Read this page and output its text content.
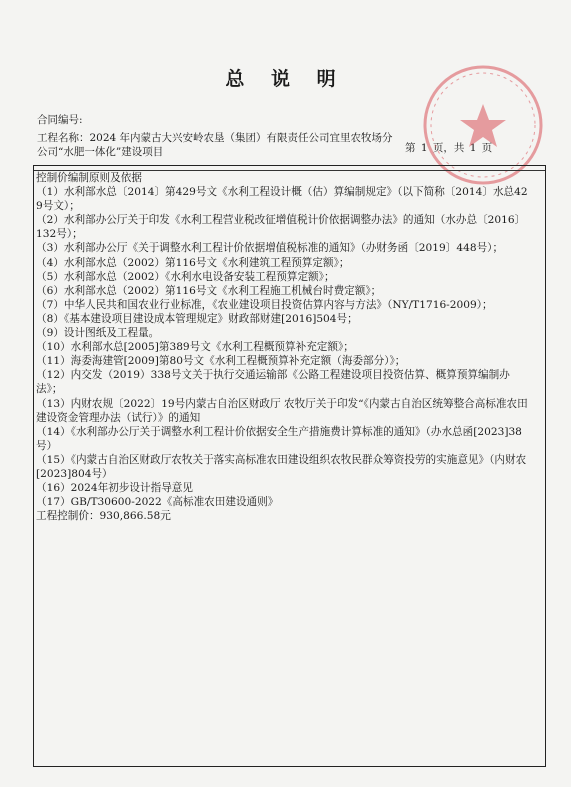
总 说 明
合同编号:
工程名称：2024 年内蒙古大兴安岭农垦（集团）有限责任公司宜里农牧场分公司“水肥一体化”建设项目	第 1 页，共 1 页
控制价编制原则及依据
（1）水利部水总〔2014〕第429号文《水利工程设计概（估）算编制规定》（以下简称〔2014〕水总429号文）；
（2）水利部办公厅关于印发《水利工程营业税改征增值税计价依据调整办法》的通知（水办总〔2016〕132号）；
（3）水利部办公厅《关于调整水利工程计价依据增值税标准的通知》（办财务函〔2019〕448号）；
（4）水利部水总（2002）第116号文《水利建筑工程预算定额》；
（5）水利部水总（2002）《水利水电设备安装工程预算定额》；
（6）水利部水总（2002）第116号文《水利工程施工机械台时费定额》；
（7）中华人民共和国农业行业标准，《农业建设项目投资估算内容与方法》（NY/T1716-2009）；
（8）《基本建设项目建设成本管理规定》财政部财建[2016]504号；
（9）设计图纸及工程量。
（10）水利部水总[2005]第389号文《水利工程概预算补充定额》；
（11）海委海建管[2009]第80号文《水利工程概预算补充定额（海委部分）》；
（12）内交发（2019）338号文关于执行交通运输部《公路工程建设项目投资估算、概算预算编制办法》；
（13）内财农规〔2022〕19号内蒙古自治区财政厅 农牧厅关于印发“《内蒙古自治区统筹整合高标准农田建设资金管理办法（试行）》的通知
（14）《水利部办公厅关于调整水利工程计价依据安全生产措施费计算标准的通知》（办水总函[2023]38号）
（15）《内蒙古自治区财政厅农牧关于落实高标准农田建设组织农牧民群众筹资投劳的实施意见》（内财农[2023]804号）
（16）2024年初步设计指导意见
（17）GB/T30600-2022《高标准农田建设通则》
工程控制价：930,866.58元
